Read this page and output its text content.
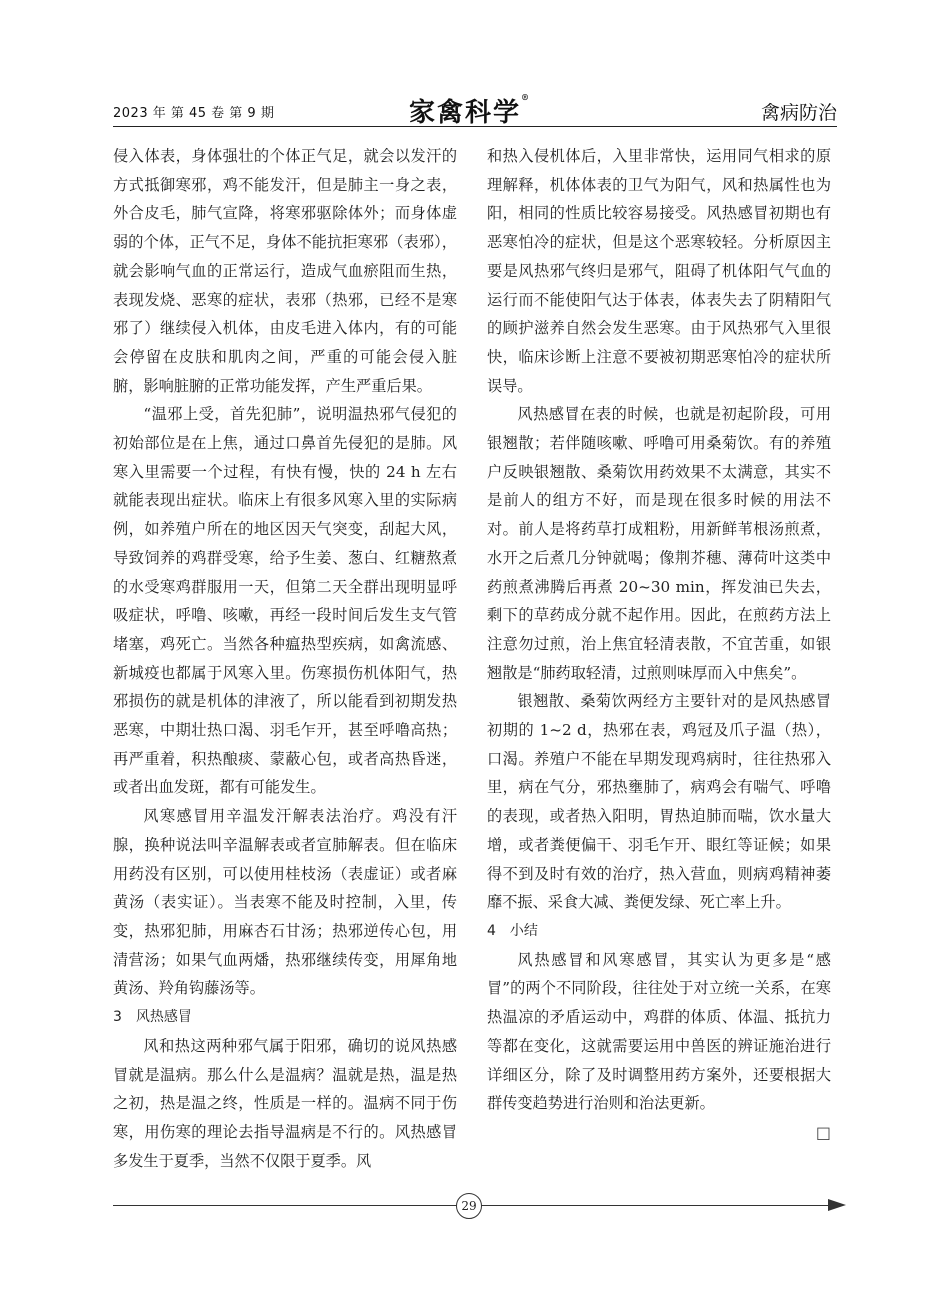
2023 年 第 45 卷 第 9 期	家禽科学®
禽病防治

侵入体表，身体强壮的个体正气足，就会以发汗的方式抵御寒邪，鸡不能发汗，但是肺主一身之表，外合皮毛，肺气宣降，将寒邪驱除体外；而身体虚弱的个体，正气不足，身体不能抗拒寒邪（表邪），就会影响气血的正常运行，造成气血瘀阻而生热，表现发烧、恶寒的症状，表邪（热邪，已经不是寒邪了）继续侵入机体，由皮毛进入体内，有的可能会停留在皮肤和肌肉之间，严重的可能会侵入脏腑，影响脏腑的正常功能发挥，产生严重后果。

“温邪上受，首先犯肺”，说明温热邪气侵犯的初始部位是在上焦，通过口鼻首先侵犯的是肺。风寒入里需要一个过程，有快有慢，快的 24 h 左右就能表现出症状。临床上有很多风寒入里的实际病例，如养殖户所在的地区因天气突变，刮起大风，导致饲养的鸡群受寒，给予生姜、葱白、红糖熬煮的水受寒鸡群服用一天，但第二天全群出现明显呼吸症状，呼噜、咳嗽，再经一段时间后发生支气管堵塞，鸡死亡。当然各种瘟热型疾病，如禽流感、新城疫也都属于风寒入里。伤寒损伤机体阳气，热邪损伤的就是机体的津液了，所以能看到初期发热恶寒，中期壮热口渴、羽毛乍开，甚至呼噜高热；再严重着，积热酿痰、蒙蔽心包，或者高热昏迷，或者出血发斑，都有可能发生。

风寒感冒用辛温发汗解表法治疗。鸡没有汗腺，换种说法叫辛温解表或者宣肺解表。但在临床用药没有区别，可以使用桂枝汤（表虚证）或者麻黄汤（表实证）。当表寒不能及时控制，入里，传变，热邪犯肺，用麻杏石甘汤；热邪逆传心包，用清营汤；如果气血两燔，热邪继续传变，用犀角地黄汤、羚角钩藤汤等。

3　风热感冒

风和热这两种邪气属于阳邪，确切的说风热感冒就是温病。那么什么是温病？温就是热，温是热之初，热是温之终，性质是一样的。温病不同于伤寒，用伤寒的理论去指导温病是不行的。风热感冒多发生于夏季，当然不仅限于夏季。风

和热入侵机体后，入里非常快，运用同气相求的原理解释，机体体表的卫气为阳气，风和热属性也为阳，相同的性质比较容易接受。风热感冒初期也有恶寒怕冷的症状，但是这个恶寒较轻。分析原因主要是风热邪气终归是邪气，阻碍了机体阳气气血的运行而不能使阳气达于体表，体表失去了阴精阳气的顾护滋养自然会发生恶寒。由于风热邪气入里很快，临床诊断上注意不要被初期恶寒怕冷的症状所误导。

风热感冒在表的时候，也就是初起阶段，可用银翘散；若伴随咳嗽、呼噜可用桑菊饮。有的养殖户反映银翘散、桑菊饮用药效果不太满意，其实不是前人的组方不好，而是现在很多时候的用法不对。前人是将药草打成粗粉，用新鲜苇根汤煎煮，水开之后煮几分钟就喝；像荆芥穗、薄荷叶这类中药煎煮沸腾后再煮 20~30 min，挥发油已失去，剩下的草药成分就不起作用。因此，在煎药方法上注意勿过煎，治上焦宜轻清表散，不宜苦重，如银翘散是“肺药取轻清，过煎则味厚而入中焦矣”。

银翘散、桑菊饮两经方主要针对的是风热感冒初期的 1~2 d，热邪在表，鸡冠及爪子温（热），口渴。养殖户不能在早期发现鸡病时，往往热邪入里，病在气分，邪热壅肺了，病鸡会有喘气、呼噜的表现，或者热入阳明，胃热迫肺而喘，饮水量大增，或者粪便偏干、羽毛乍开、眼红等证候；如果得不到及时有效的治疗，热入营血，则病鸡精神萎靡不振、采食大减、粪便发绿、死亡率上升。

4　小结

风热感冒和风寒感冒，其实认为更多是“感冒”的两个不同阶段，往往处于对立统一关系，在寒热温凉的矛盾运动中，鸡群的体质、体温、抵抗力等都在变化，这就需要运用中兽医的辨证施治进行详细区分，除了及时调整用药方案外，还要根据大群传变趋势进行治则和治法更新。

□
29
